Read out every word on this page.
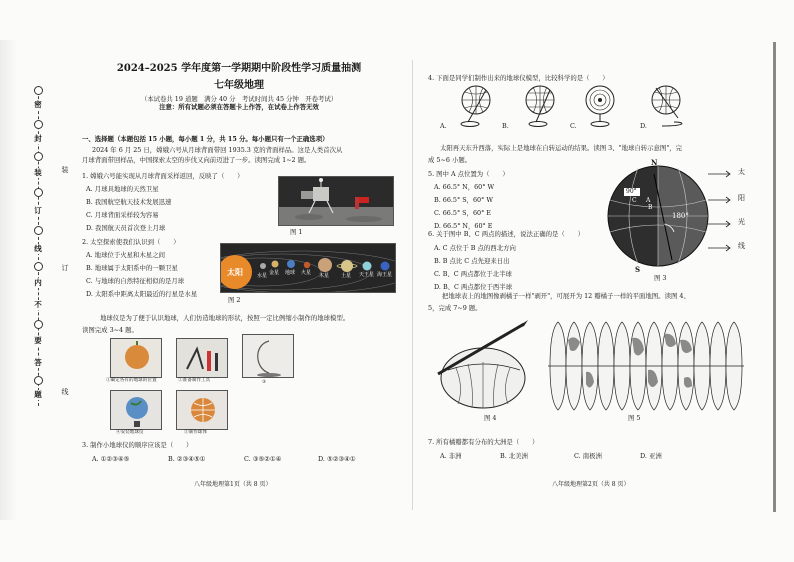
密
封
装
订
线
内
不
要
答
题
装
订
线
2024–2025 学年度第一学期期中阶段性学习质量抽测
七年级地理
（本试卷共 19 道题　满分 40 分　考试时间共 45 分钟　开卷考试）
注意：所有试题必须在答题卡上作答，在试卷上作答无效
一、选择题（本题包括 15 小题，每小题 1 分，共 15 分。每小题只有一个正确选项）
2024 年 6 月 25 日，嫦娥六号从月球背面带回 1935.3 克的背面样品。这是人类首次从
月球背面带回样品，中国探索太空的步伐又向前迈进了一步。读图完成 1~2 题。
1. 嫦娥六号能实现从月球背面采样返回，反映了（　　）
A. 月球具地球的天然卫星
B. 我国航空航天技术发展迅速
C. 月球背面采样较为容易
D. 我国航天员首次登上月球	图 1
2. 太空探索使我们认识到（　　）
A. 地球位于火星和木星之间
B. 地球属于太阳系中的一颗卫星
C. 与地球的自然特征相似的是月球
D. 太阳系中距离太阳最近的行星是水星
太阳	水星 金星 地球 火星 木星 土星 天王星 海王星
图 2
地球仪是为了便于认识地球，人们仿造地球的形状，按照一定比例缩小制作的地球模型。
读图完成 3~4 题。
①确定各有的地球的位置	②准备制作工具	③
④安装地球仪	⑤制作球体
3. 制作小地球仪的顺序应该是（　　）
A. ①②③④⑤	B. ②③④⑤①	C. ③⑤②①④	D. ⑤②③④①
八年级地理第1页（共 8 页）
4. 下面是同学们制作出来的地球仪模型，比较科学的是（　　）
A.	B.	C.	D.
太阳再天东升西落，实际上是地球在自转运动的结果。读图 3、"地球自转示意图"，完
成 5~6 小题。
5. 图中 A 点位置为（　　）
A. 66.5° N，60° W
B. 66.5° S，60° W
C. 66.5° S，60° E
D. 66.5° N，60° E
6. 关于图中 B、C 两点的描述，说法正确的是（　　）
A. C 点位于 B 点的西北方向
B. B 点比 C 点先迎来日出
C. B、C 两点都位于北半球
D. B、C 两点都位于西半球
N
S
90°
C A
B
180°
太
阳
光
线
图 3
把地球表上的地图像剥橘子一样"剥开"，可展开为 12 瓣橘子一样的平面地图。读图 4、
5，完成 7~9 题。
图 4	图 5
7. 所有橘瓣都有分布的大洲是（　　）
A. 非洲	B. 北美洲	C. 南极洲	D. 亚洲
八年级地理第2页（共 8 页）
